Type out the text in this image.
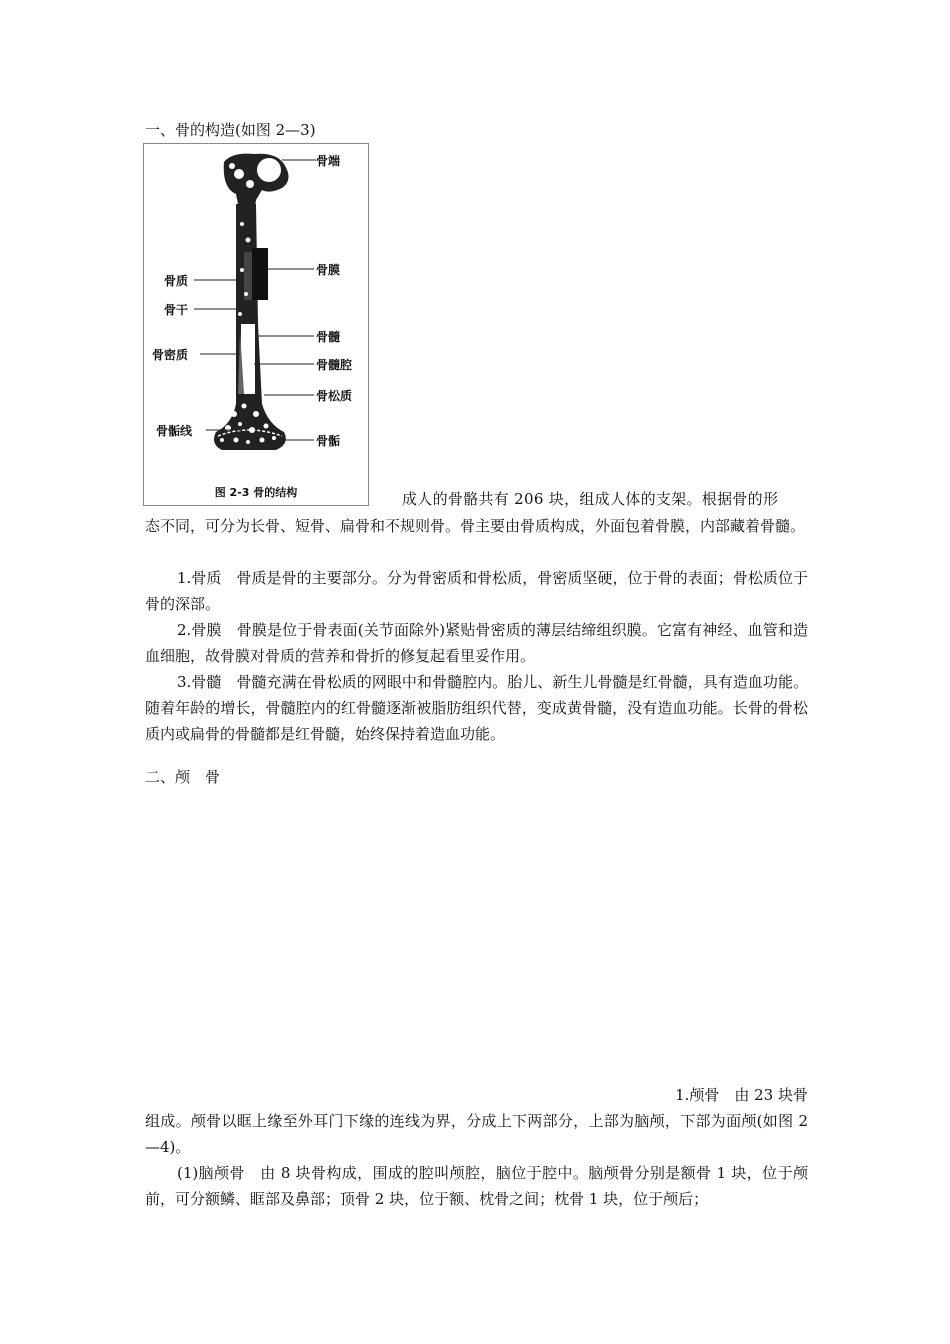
一、骨的构造(如图 2—3)
骨端
骨膜
骨质
骨干
骨髓
骨密质
骨髓腔
骨松质
骨骺线
骨骺
图 2-3 骨的结构	成人的骨骼共有 206 块，组成人体的支架。根据骨的形

态不同，可分为长骨、短骨、扁骨和不规则骨。骨主要由骨质构成，外面包着骨膜，内部藏着骨髓。

1.骨质　骨质是骨的主要部分。分为骨密质和骨松质，骨密质坚硬，位于骨的表面；骨松质位于骨的深部。

2.骨膜　骨膜是位于骨表面(关节面除外)紧贴骨密质的薄层结缔组织膜。它富有神经、血管和造血细胞，故骨膜对骨质的营养和骨折的修复起看里妥作用。

3.骨髓　骨髓充满在骨松质的网眼中和骨髓腔内。胎儿、新生儿骨髓是红骨髓，具有造血功能。随着年龄的增长，骨髓腔内的红骨髓逐渐被脂肪组织代替，变成黄骨髓，没有造血功能。长骨的骨松质内或扁骨的骨髓都是红骨髓，始终保持着造血功能。

二、颅　骨
1.颅骨　由 23 块骨

组成。颅骨以眶上缘至外耳门下缘的连线为界，分成上下两部分，上部为脑颅，下部为面颅(如图 2—4)。

(1)脑颅骨　由 8 块骨构成，围成的腔叫颅腔，脑位于腔中。脑颅骨分别是额骨 1 块，位于颅前，可分额鳞、眶部及鼻部；顶骨 2 块，位于额、枕骨之间；枕骨 1 块，位于颅后；
